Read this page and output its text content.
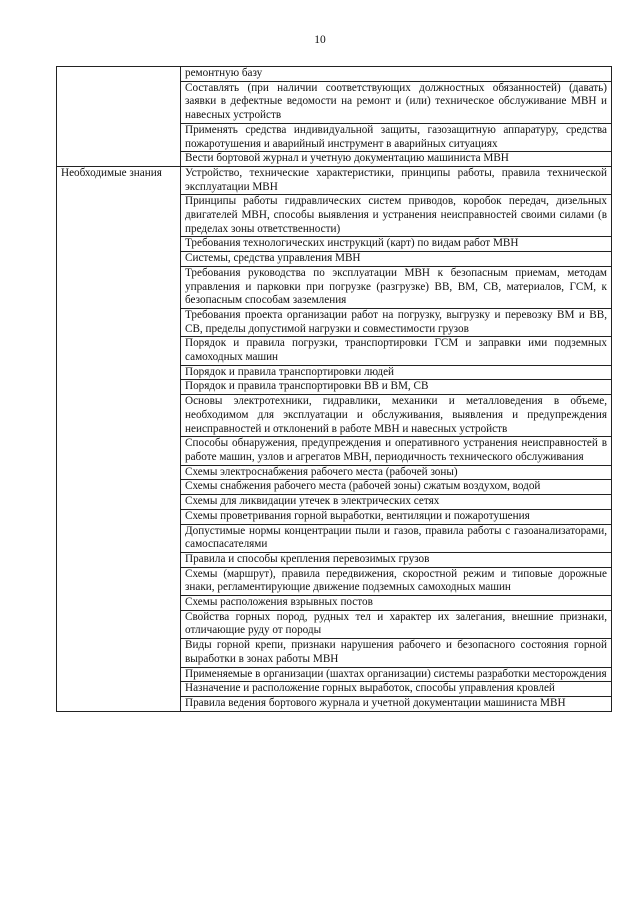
10
	ремонтную базу
	Составлять (при наличии соответствующих должностных обязанностей) (давать) заявки в дефектные ведомости на ремонт и (или) техническое обслуживание МВН и навесных устройств
	Применять средства индивидуальной защиты, газозащитную аппаратуру, средства пожаротушения и аварийный инструмент в аварийных ситуациях
	Вести бортовой журнал и учетную документацию машиниста МВН
Необходимые знания	Устройство, технические характеристики, принципы работы, правила технической эксплуатации МВН
	Принципы работы гидравлических систем приводов, коробок передач, дизельных двигателей МВН, способы выявления и устранения неисправностей своими силами (в пределах зоны ответственности)
	Требования технологических инструкций (карт) по видам работ МВН
	Системы, средства управления МВН
	Требования руководства по эксплуатации МВН к безопасным приемам, методам управления и парковки при погрузке (разгрузке) ВВ, ВМ, СВ, материалов, ГСМ, к безопасным способам заземления
	Требования проекта организации работ на погрузку, выгрузку и перевозку ВМ и ВВ, СВ, пределы допустимой нагрузки и совместимости грузов
	Порядок и правила погрузки, транспортировки ГСМ и заправки ими подземных самоходных машин
	Порядок и правила транспортировки людей
	Порядок и правила транспортировки ВВ и ВМ, СВ
	Основы электротехники, гидравлики, механики и металловедения в объеме, необходимом для эксплуатации и обслуживания, выявления и предупреждения неисправностей и отклонений в работе МВН и навесных устройств
	Способы обнаружения, предупреждения и оперативного устранения неисправностей в работе машин, узлов и агрегатов МВН, периодичность технического обслуживания
	Схемы электроснабжения рабочего места (рабочей зоны)
	Схемы снабжения рабочего места (рабочей зоны) сжатым воздухом, водой
	Схемы для ликвидации утечек в электрических сетях
	Схемы проветривания горной выработки, вентиляции и пожаротушения
	Допустимые нормы концентрации пыли и газов, правила работы с газоанализаторами, самоспасателями
	Правила и способы крепления перевозимых грузов
	Схемы (маршрут), правила передвижения, скоростной режим и типовые дорожные знаки, регламентирующие движение подземных самоходных машин
	Схемы расположения взрывных постов
	Свойства горных пород, рудных тел и характер их залегания, внешние признаки, отличающие руду от породы
	Виды горной крепи, признаки нарушения рабочего и безопасного состояния горной выработки в зонах работы МВН
	Применяемые в организации (шахтах организации) системы разработки месторождения
	Назначение и расположение горных выработок, способы управления кровлей
	Правила ведения бортового журнала и учетной документации машиниста МВН
